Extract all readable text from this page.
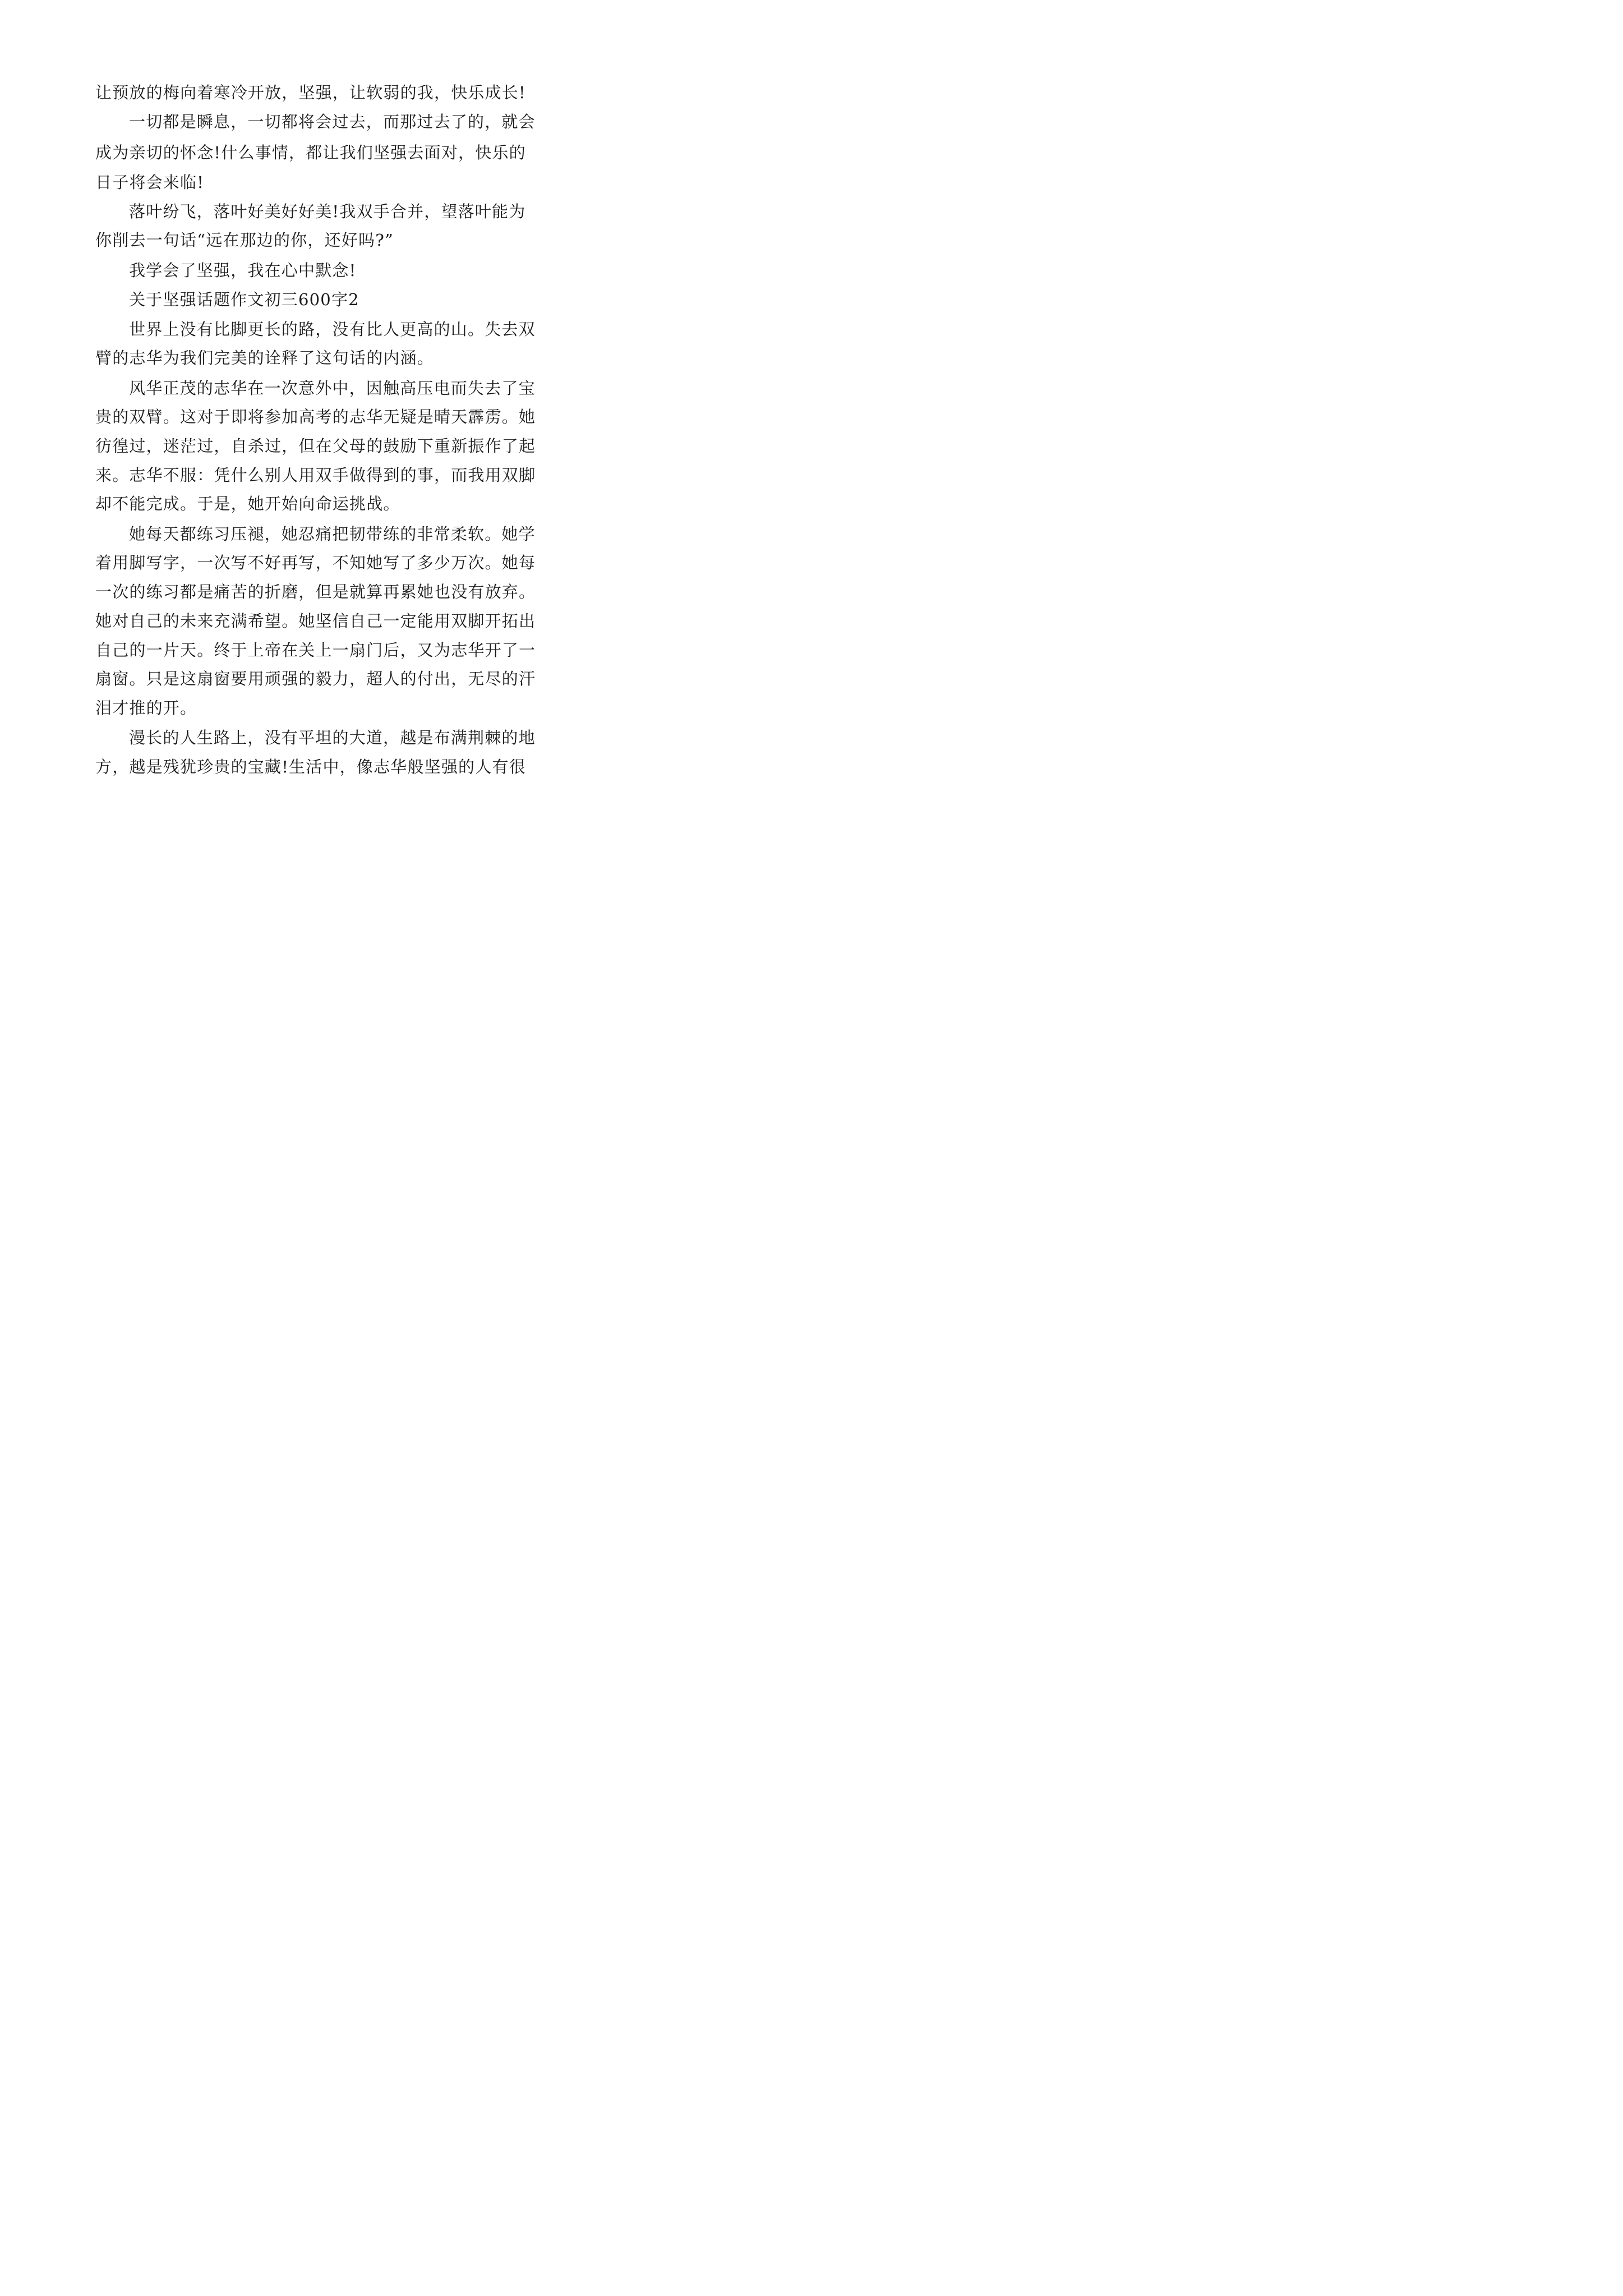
让预放的梅向着寒冷开放，坚强，让软弱的我，快乐成长!
一切都是瞬息，一切都将会过去，而那过去了的，就会
成为亲切的怀念!什么事情，都让我们坚强去面对，快乐的
日子将会来临!
落叶纷飞，落叶好美好好美!我双手合并，望落叶能为
你削去一句话“远在那边的你，还好吗?”
我学会了坚强，我在心中默念!
关于坚强话题作文初三600字2
世界上没有比脚更长的路，没有比人更高的山。失去双
臂的志华为我们完美的诠释了这句话的内涵。
风华正茂的志华在一次意外中，因触高压电而失去了宝
贵的双臂。这对于即将参加高考的志华无疑是晴天霹雳。她
彷徨过，迷茫过，自杀过，但在父母的鼓励下重新振作了起
来。志华不服：凭什么别人用双手做得到的事，而我用双脚
却不能完成。于是，她开始向命运挑战。
她每天都练习压褪，她忍痛把韧带练的非常柔软。她学
着用脚写字，一次写不好再写，不知她写了多少万次。她每
一次的练习都是痛苦的折磨，但是就算再累她也没有放弃。
她对自己的未来充满希望。她坚信自己一定能用双脚开拓出
自己的一片天。终于上帝在关上一扇门后，又为志华开了一
扇窗。只是这扇窗要用顽强的毅力，超人的付出，无尽的汗
泪才推的开。
漫长的人生路上，没有平坦的大道，越是布满荆棘的地
方，越是残犹珍贵的宝藏!生活中，像志华般坚强的人有很
